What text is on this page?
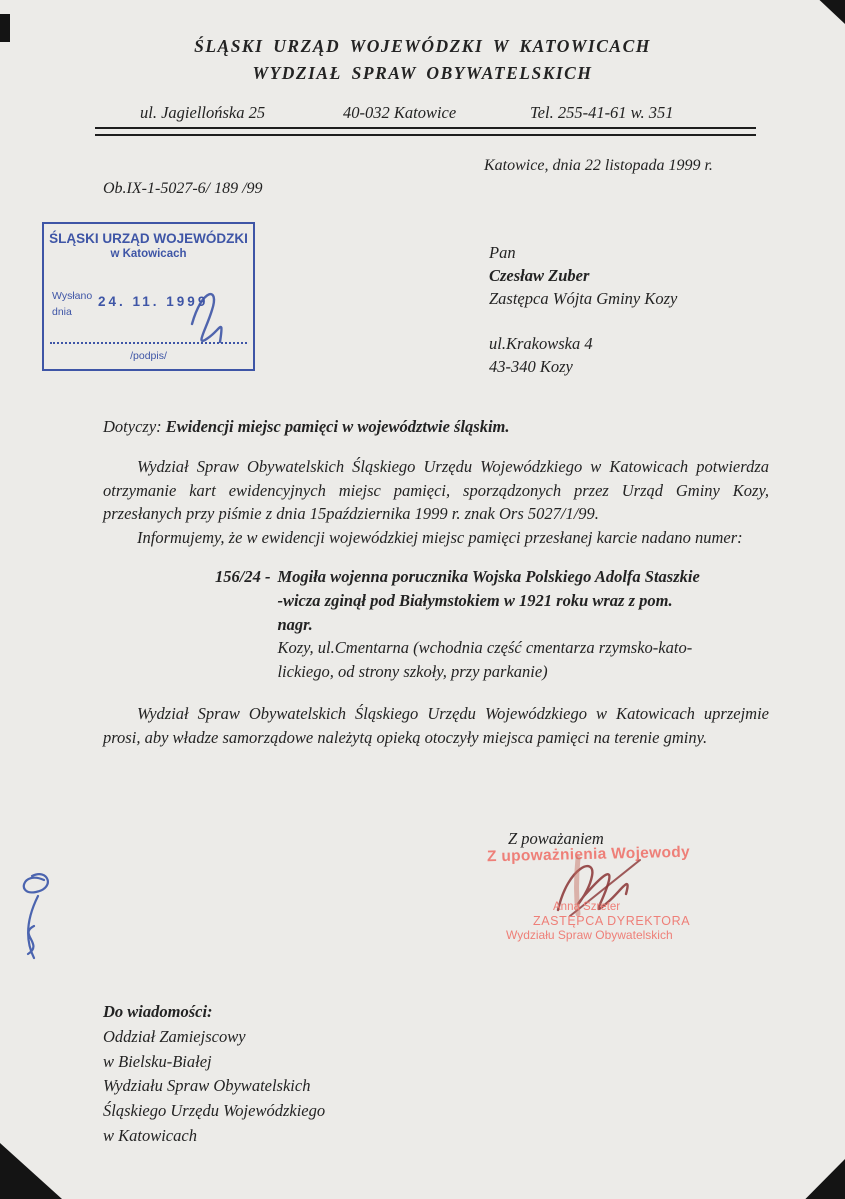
ŚLĄSKI URZĄD WOJEWÓDZKI W KATOWICACH
WYDZIAŁ SPRAW OBYWATELSKICH
ul. Jagiellońska 25	40-032 Katowice	Tel. 255-41-61 w. 351
Katowice, dnia 22 listopada 1999 r.
Ob.IX-1-5027-6/ 189 /99
ŚLĄSKI URZĄD WOJEWÓDZKI
w Katowicach
Wysłano
dnia
24. 11. 1999
/podpis/
Pan
Czesław Zuber
Zastępca Wójta Gminy Kozy
ul.Krakowska 4
43-340 Kozy
Dotyczy: Ewidencji miejsc pamięci w województwie śląskim.

Wydział Spraw Obywatelskich Śląskiego Urzędu Wojewódzkiego w Katowicach potwierdza otrzymanie kart ewidencyjnych miejsc pamięci, sporządzonych przez Urząd Gminy Kozy, przesłanych przy piśmie z dnia 15października 1999 r. znak Ors 5027/1/99.

Informujemy, że w ewidencji wojewódzkiej miejsc pamięci przesłanej karcie nadano numer:

156/24 - Mogiła wojenna porucznika Wojska Polskiego Adolfa Staszkie
-wicza zginął pod Białymstokiem w 1921 roku wraz z pom.
nagr.
Kozy, ul.Cmentarna (wchodnia część cmentarza rzymsko-kato-
lickiego, od strony szkoły, przy parkanie)

Wydział Spraw Obywatelskich Śląskiego Urzędu Wojewódzkiego w Katowicach uprzejmie prosi, aby władze samorządowe należytą opieką otoczyły miejsca pamięci na terenie gminy.

Z poważaniem
Z upoważnienia Wojewody
Anna Szreter
ZASTĘPCA DYREKTORA
Wydziału Spraw Obywatelskich
Do wiadomości:
Oddział Zamiejscowy
w Bielsku-Białej
Wydziału Spraw Obywatelskich
Śląskiego Urzędu Wojewódzkiego
w Katowicach
